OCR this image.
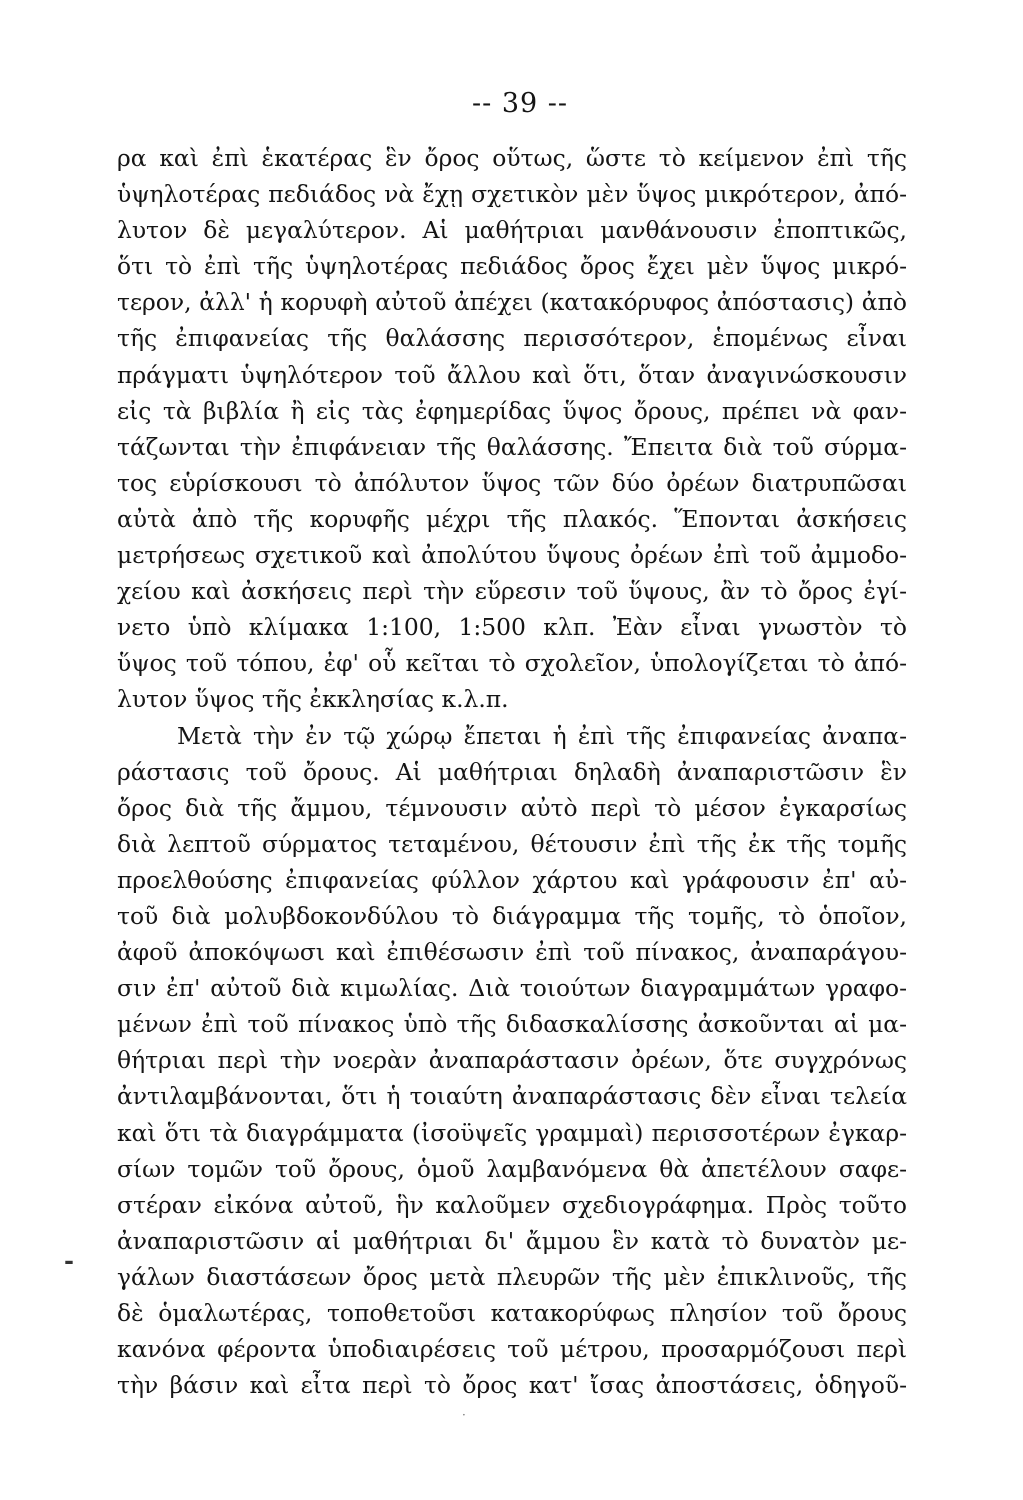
-- 39 --
ρα καὶ ἐπὶ ἑκατέρας ἓν ὄρος οὕτως, ὥστε τὸ κείμενον ἐπὶ τῆς
ὑψηλοτέρας πεδιάδος νὰ ἔχῃ σχετικὸν μὲν ὕψος μικρότερον, ἀπό-
λυτον δὲ μεγαλύτερον. Αἱ μαθήτριαι μανθάνουσιν ἐποπτικῶς,
ὅτι τὸ ἐπὶ τῆς ὑψηλοτέρας πεδιάδος ὄρος ἔχει μὲν ὕψος μικρό-
τερον, ἀλλ' ἡ κορυφὴ αὐτοῦ ἀπέχει (κατακόρυφος ἀπόστασις) ἀπὸ
τῆς ἐπιφανείας τῆς θαλάσσης περισσότερον, ἑπομένως εἶναι
πράγματι ὑψηλότερον τοῦ ἄλλου καὶ ὅτι, ὅταν ἀναγινώσκουσιν
εἰς τὰ βιβλία ἢ εἰς τὰς ἐφημερίδας ὕψος ὄρους, πρέπει νὰ φαν-
τάζωνται τὴν ἐπιφάνειαν τῆς θαλάσσης. Ἔπειτα διὰ τοῦ σύρμα-
τος εὑρίσκουσι τὸ ἀπόλυτον ὕψος τῶν δύο ὀρέων διατρυπῶσαι
αὐτὰ ἀπὸ τῆς κορυφῆς μέχρι τῆς πλακός. Ἕπονται ἀσκήσεις
μετρήσεως σχετικοῦ καὶ ἀπολύτου ὕψους ὀρέων ἐπὶ τοῦ ἀμμοδο-
χείου καὶ ἀσκήσεις περὶ τὴν εὕρεσιν τοῦ ὕψους, ἂν τὸ ὄρος ἐγί-
νετο ὑπὸ κλίμακα 1:100, 1:500 κλπ. Ἐὰν εἶναι γνωστὸν τὸ
ὕψος τοῦ τόπου, ἐφ' οὗ κεῖται τὸ σχολεῖον, ὑπολογίζεται τὸ ἀπό-
λυτον ὕψος τῆς ἐκκλησίας κ.λ.π.
Μετὰ τὴν ἐν τῷ χώρῳ ἔπεται ἡ ἐπὶ τῆς ἐπιφανείας ἀναπα-
ράστασις τοῦ ὄρους. Αἱ μαθήτριαι δηλαδὴ ἀναπαριστῶσιν ἓν
ὄρος διὰ τῆς ἄμμου, τέμνουσιν αὐτὸ περὶ τὸ μέσον ἐγκαρσίως
διὰ λεπτοῦ σύρματος τεταμένου, θέτουσιν ἐπὶ τῆς ἐκ τῆς τομῆς
προελθούσης ἐπιφανείας φύλλον χάρτου καὶ γράφουσιν ἐπ' αὐ-
τοῦ διὰ μολυβδοκονδύλου τὸ διάγραμμα τῆς τομῆς, τὸ ὁποῖον,
ἀφοῦ ἀποκόψωσι καὶ ἐπιθέσωσιν ἐπὶ τοῦ πίνακος, ἀναπαράγου-
σιν ἐπ' αὐτοῦ διὰ κιμωλίας. Διὰ τοιούτων διαγραμμάτων γραφο-
μένων ἐπὶ τοῦ πίνακος ὑπὸ τῆς διδασκαλίσσης ἀσκοῦνται αἱ μα-
θήτριαι περὶ τὴν νοερὰν ἀναπαράστασιν ὀρέων, ὅτε συγχρόνως
ἀντιλαμβάνονται, ὅτι ἡ τοιαύτη ἀναπαράστασις δὲν εἶναι τελεία
καὶ ὅτι τὰ διαγράμματα (ἰσοϋψεῖς γραμμαὶ) περισσοτέρων ἐγκαρ-
σίων τομῶν τοῦ ὄρους, ὁμοῦ λαμβανόμενα θὰ ἀπετέλουν σαφε-
στέραν εἰκόνα αὐτοῦ, ἣν καλοῦμεν σχεδιογράφημα. Πρὸς τοῦτο
ἀναπαριστῶσιν αἱ μαθήτριαι δι' ἄμμου ἓν κατὰ τὸ δυνατὸν με-
γάλων διαστάσεων ὄρος μετὰ πλευρῶν τῆς μὲν ἐπικλινοῦς, τῆς
δὲ ὁμαλωτέρας, τοποθετοῦσι κατακορύφως πλησίον τοῦ ὄρους
κανόνα φέροντα ὑποδιαιρέσεις τοῦ μέτρου, προσαρμόζουσι περὶ
τὴν βάσιν καὶ εἶτα περὶ τὸ ὄρος κατ' ἴσας ἀποστάσεις, ὁδηγοῦ-
-
·
